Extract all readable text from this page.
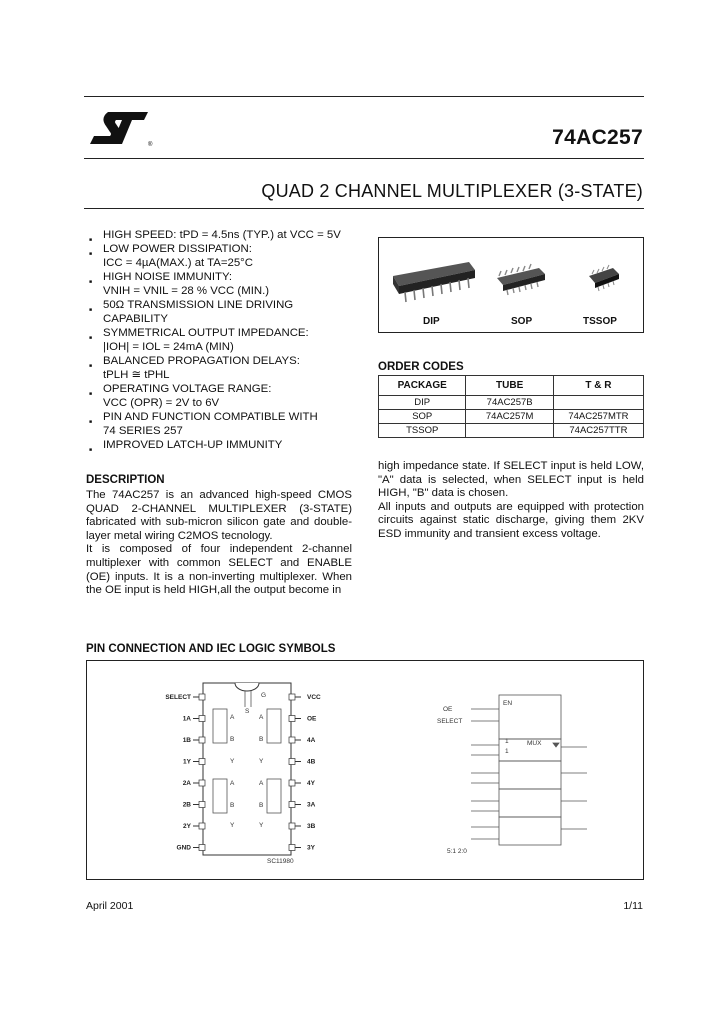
®	74AC257
QUAD 2 CHANNEL MULTIPLEXER (3-STATE)
■ HIGH SPEED: tPD = 4.5ns (TYP.) at VCC = 5V
■ LOW POWER DISSIPATION:
ICC = 4µA(MAX.) at TA=25°C
■ HIGH NOISE IMMUNITY:
VNIH = VNIL = 28 % VCC (MIN.)
■ 50Ω TRANSMISSION LINE DRIVING
CAPABILITY
■ SYMMETRICAL OUTPUT IMPEDANCE:
|IOH| = IOL = 24mA (MIN)
■ BALANCED PROPAGATION DELAYS:
tPLH ≅ tPHL
■ OPERATING VOLTAGE RANGE:
VCC (OPR) = 2V to 6V
■ PIN AND FUNCTION COMPATIBLE WITH
74 SERIES 257
■ IMPROVED LATCH-UP IMMUNITY
DIP	SOP	TSSOP
ORDER CODES
PACKAGE	TUBE	T & R
DIP	74AC257B	
SOP	74AC257M	74AC257MTR
TSSOP		74AC257TTR
DESCRIPTION
The 74AC257 is an advanced high-speed CMOS QUAD 2-CHANNEL MULTIPLEXER (3-STATE) fabricated with sub-micron silicon gate and double-layer metal wiring C2MOS tecnology.
It is composed of four independent 2-channel multiplexer with common SELECT and ENABLE (OE) inputs. It is a non-inverting multiplexer. When the OE input is held HIGH,all the output become in
high impedance state. If SELECT input is held LOW, "A" data is selected, when SELECT input is held HIGH, "B" data is chosen.
All inputs and outputs are equipped with protection circuits against static discharge, giving them 2KV ESD immunity and transient excess voltage.
PIN CONNECTION AND IEC LOGIC SYMBOLS
A
B
Y
A
B
Y
A
B
Y
A
B
Y
S
G
SELECT
1A
1B
1Y
2A
2B
2Y
GND
VCC
OE
4A
4B
4Y
3A
3B
3Y
EN
1
1
MUX
OE
SELECT
5:1 2:0
SC11980
April 2001	1/11
